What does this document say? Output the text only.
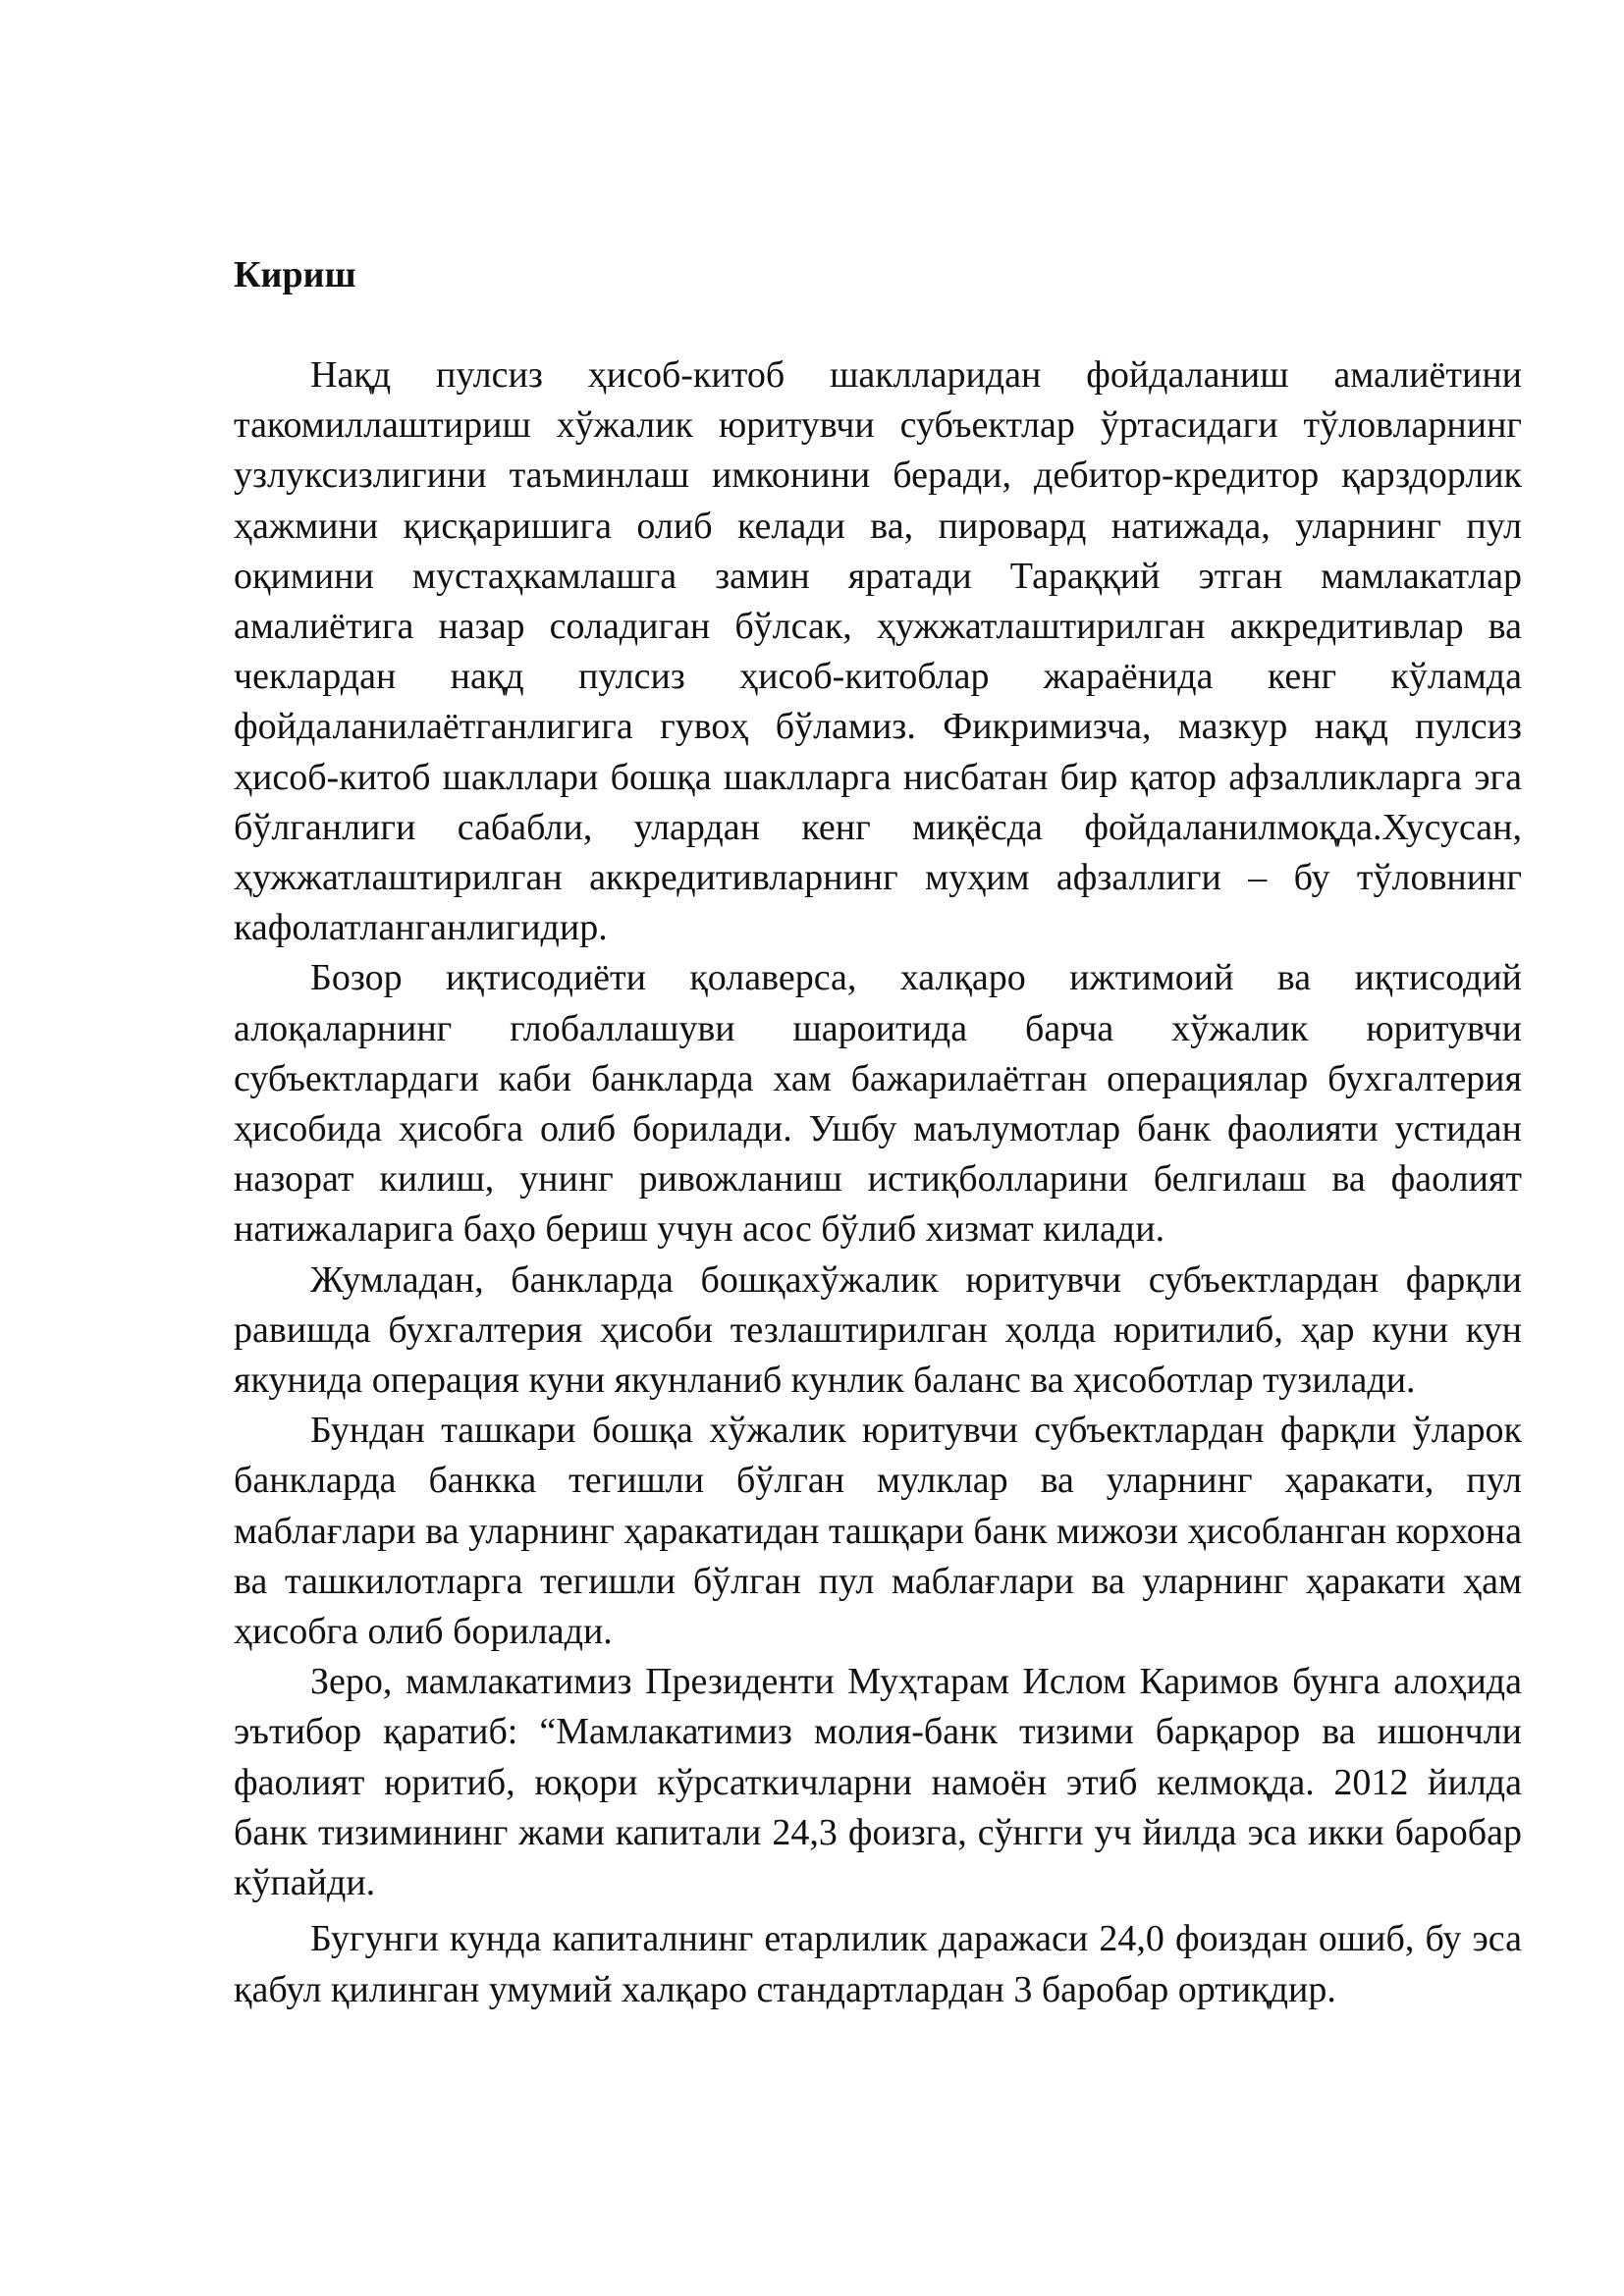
Кириш

Нақд пулсиз ҳисоб-китоб шаклларидан фойдаланиш амалиётини такомиллаштириш хўжалик юритувчи субъектлар ўртасидаги тўловларнинг узлуксизлигини таъминлаш имконини беради, дебитор-кредитор қарздорлик ҳажмини қисқаришига олиб келади ва, пировард натижада, уларнинг пул оқимини мустаҳкамлашга замин яратади Тараққий этган мамлакатлар амалиётига назар соладиган бўлсак, ҳужжатлаштирилган аккредитивлар ва чеклардан нақд пулсиз ҳисоб-китоблар жараёнида кенг кўламда фойдаланилаётганлигига гувоҳ бўламиз. Фикримизча, мазкур нақд пулсиз ҳисоб-китоб шакллари бошқа шаклларга нисбатан бир қатор афзалликларга эга бўлганлиги сабабли, улардан кенг миқёсда фойдаланилмоқда.Хусусан, ҳужжатлаштирилган аккредитивларнинг муҳим афзаллиги – бу тўловнинг кафолатланганлигидир.

Бозор иқтисодиёти қолаверса, халқаро ижтимоий ва иқтисодий алоқаларнинг глобаллашуви шароитида барча хўжалик юритувчи субъектлардаги каби банкларда хам бажарилаётган операциялар бухгалтерия ҳисобида ҳисобга олиб борилади. Ушбу маълумотлар банк фаолияти устидан назорат килиш, унинг ривожланиш истиқболларини белгилаш ва фаолият натижаларига баҳо бериш учун асос бўлиб хизмат килади.

Жумладан, банкларда бошқахўжалик юритувчи субъектлардан фарқли равишда бухгалтерия ҳисоби тезлаштирилган ҳолда юритилиб, ҳар куни кун якунида операция куни якунланиб кунлик баланс ва ҳисоботлар тузилади.

Бундан ташкари бошқа хўжалик юритувчи субъектлардан фарқли ўларок банкларда банкка тегишли бўлган мулклар ва уларнинг ҳаракати, пул маблағлари ва уларнинг ҳаракатидан ташқари банк мижози ҳисобланган корхона ва ташкилотларга тегишли бўлган пул маблағлари ва уларнинг ҳаракати ҳам ҳисобга олиб борилади.

Зеро, мамлакатимиз Президенти Муҳтарам Ислом Каримов бунга алоҳида эътибор қаратиб: “Мамлакатимиз молия-банк тизими барқарор ва ишончли фаолият юритиб, юқори кўрсаткичларни намоён этиб келмоқда. 2012 йилда банк тизимининг жами капитали 24,3 фоизга, сўнгги уч йилда эса икки баробар кўпайди.

Бугунги кунда капиталнинг етарлилик даражаси 24,0 фоиздан ошиб, бу эса қабул қилинган умумий халқаро стандартлардан 3 баробар ортиқдир.
